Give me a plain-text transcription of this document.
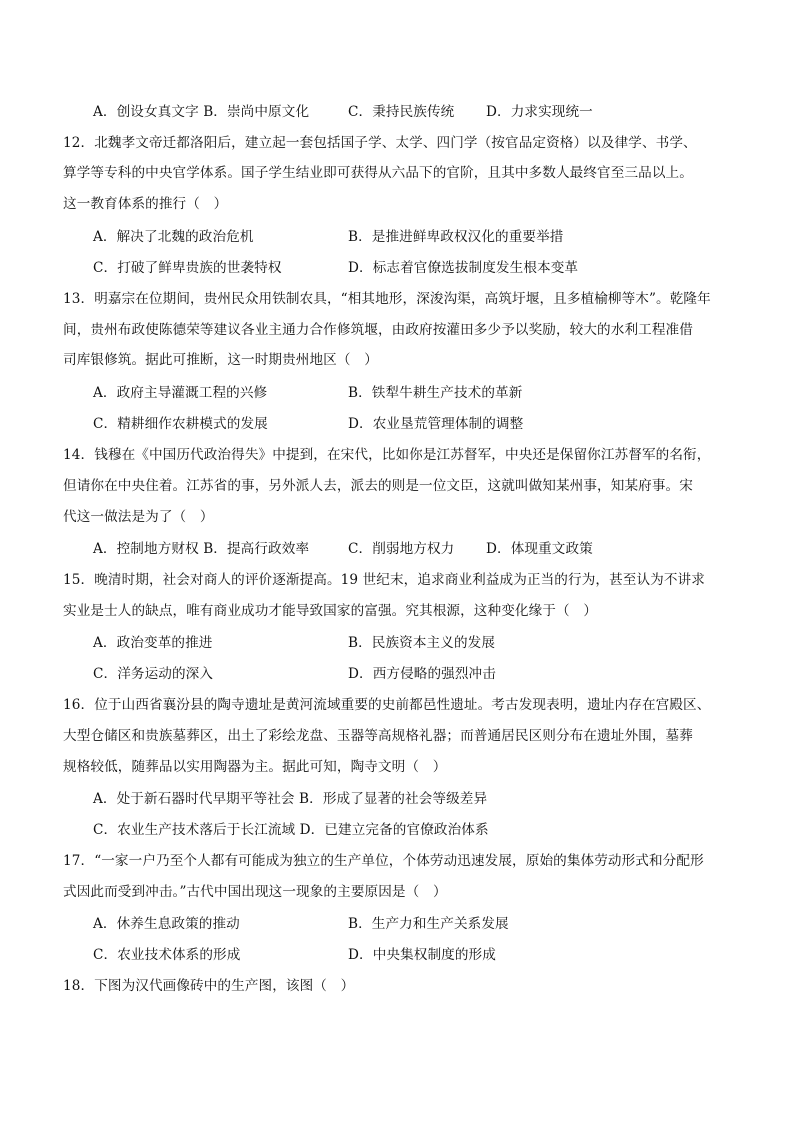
A．创设女真文字 B．崇尚中原文化	C．秉持民族传统 D．力求实现统一
12．北魏孝文帝迁都洛阳后，建立起一套包括国子学、太学、四门学（按官品定资格）以及律学、书学、
算学等专科的中央官学体系。国子学生结业即可获得从六品下的官阶，且其中多数人最终官至三品以上。
这一教育体系的推行（　）
A．解决了北魏的政治危机	B．是推进鲜卑政权汉化的重要举措
C．打破了鲜卑贵族的世袭特权	D．标志着官僚选拔制度发生根本变革
13．明嘉宗在位期间，贵州民众用铁制农具，“相其地形，深浚沟渠，高筑圩堰，且多植榆柳等木”。乾隆年
间，贵州布政使陈德荣等建议各业主通力合作修筑堰，由政府按灌田多少予以奖励，较大的水利工程准借
司库银修筑。据此可推断，这一时期贵州地区（　）
A．政府主导灌溉工程的兴修	B．铁犁牛耕生产技术的革新
C．精耕细作农耕模式的发展	D．农业垦荒管理体制的调整
14．钱穆在《中国历代政治得失》中提到，在宋代，比如你是江苏督军，中央还是保留你江苏督军的名衔，
但请你在中央住着。江苏省的事，另外派人去，派去的则是一位文臣，这就叫做知某州事，知某府事。宋
代这一做法是为了（　）
A．控制地方财权 B．提高行政效率	C．削弱地方权力 D．体现重文政策
15．晚清时期，社会对商人的评价逐渐提高。19 世纪末，追求商业利益成为正当的行为，甚至认为不讲求
实业是士人的缺点，唯有商业成功才能导致国家的富强。究其根源，这种变化缘于（　）
A．政治变革的推进	B．民族资本主义的发展
C．洋务运动的深入	D．西方侵略的强烈冲击
16．位于山西省襄汾县的陶寺遗址是黄河流域重要的史前都邑性遗址。考古发现表明，遗址内存在宫殿区、
大型仓储区和贵族墓葬区，出土了彩绘龙盘、玉器等高规格礼器；而普通居民区则分布在遗址外围，墓葬
规格较低，随葬品以实用陶器为主。据此可知，陶寺文明（　）
A．处于新石器时代早期平等社会 B．形成了显著的社会等级差异
C．农业生产技术落后于长江流域 D．已建立完备的官僚政治体系
17．“一家一户乃至个人都有可能成为独立的生产单位，个体劳动迅速发展，原始的集体劳动形式和分配形
式因此而受到冲击。”古代中国出现这一现象的主要原因是（　）
A．休养生息政策的推动	B．生产力和生产关系发展
C．农业技术体系的形成	D．中央集权制度的形成
18．下图为汉代画像砖中的生产图，该图（　）
